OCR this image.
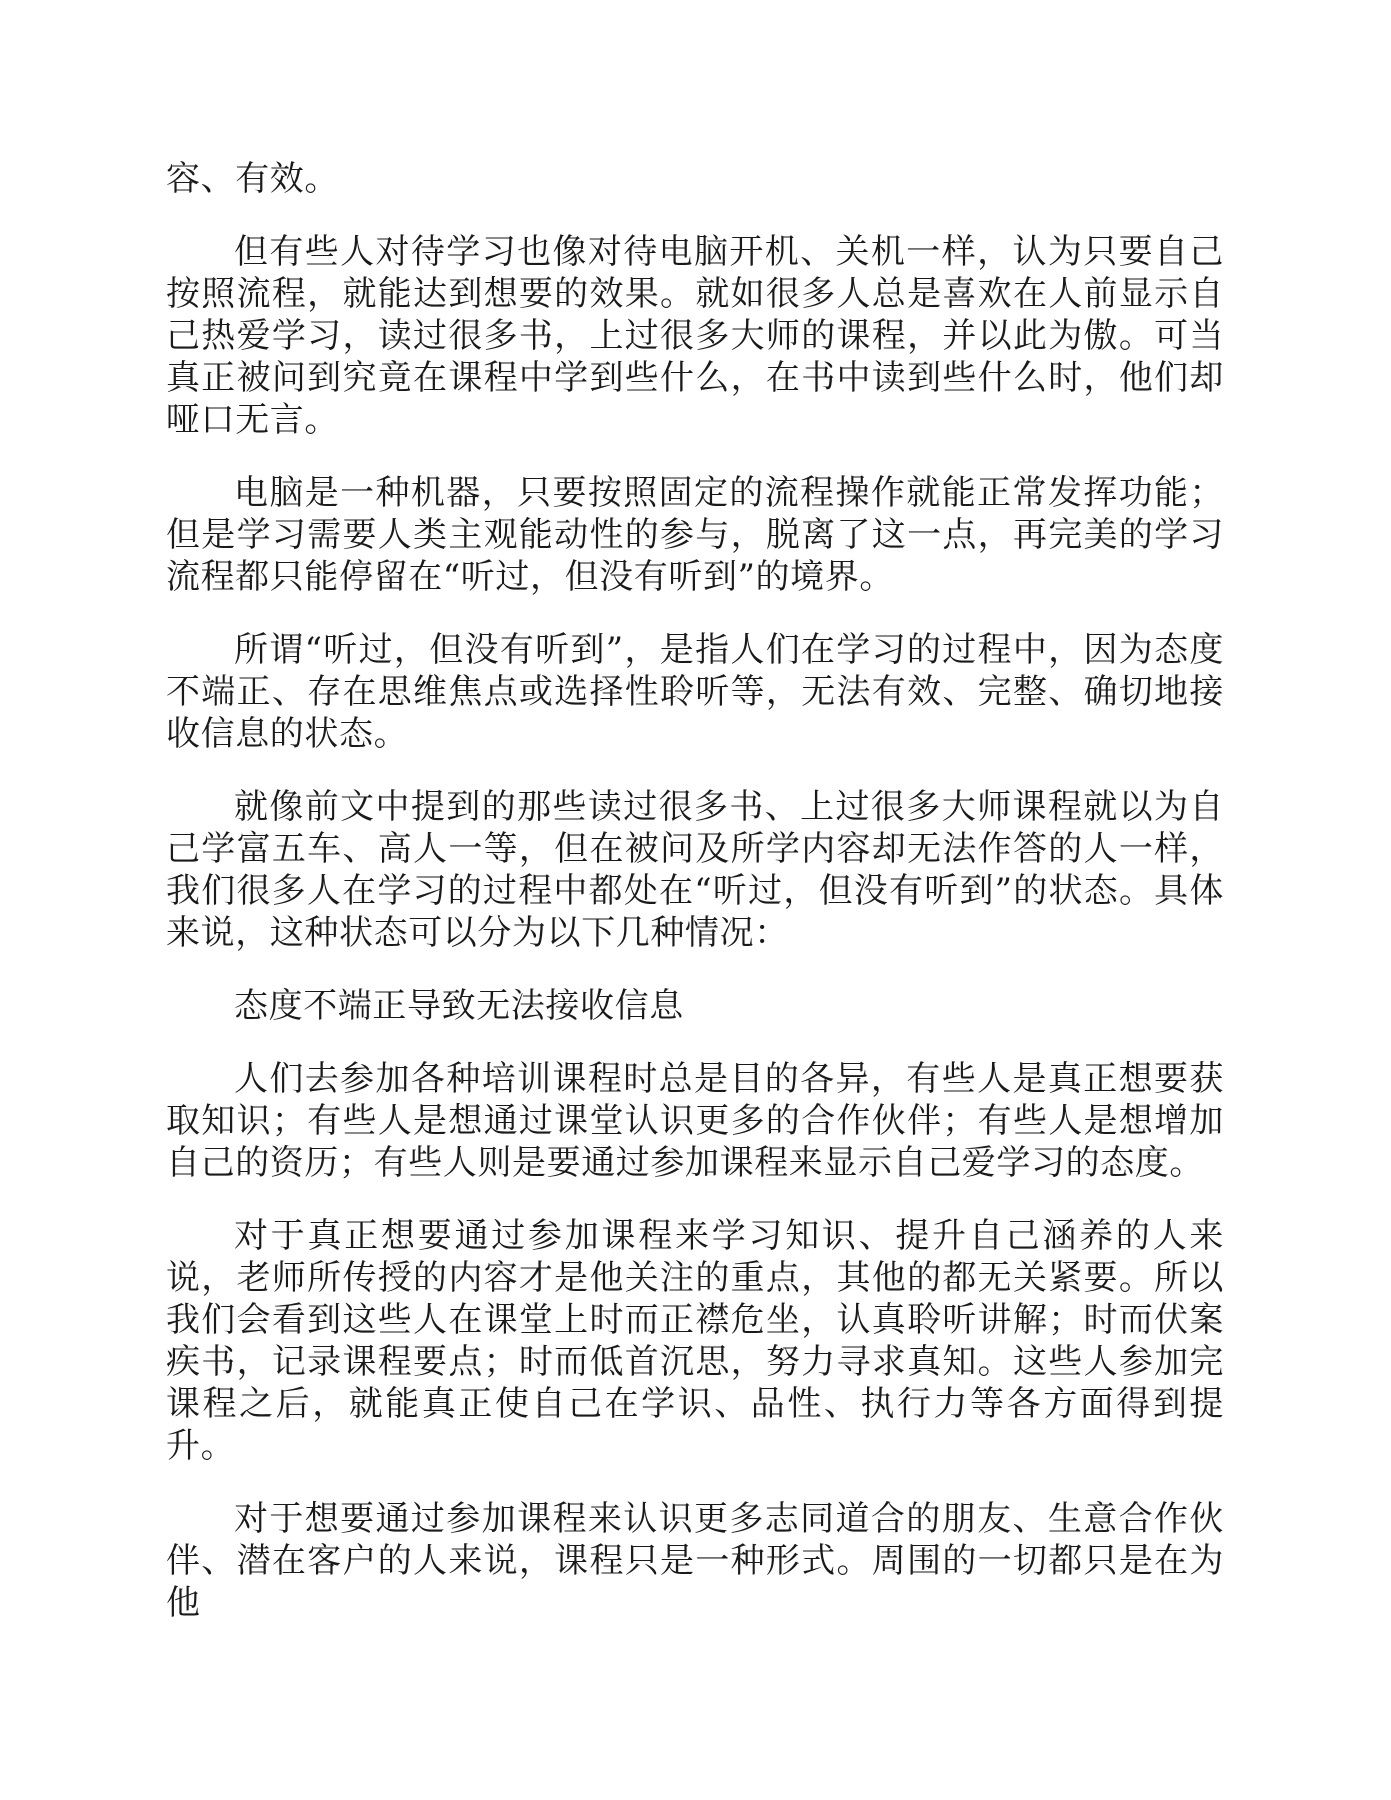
容、有效。

但有些人对待学习也像对待电脑开机、关机一样，认为只要自己按照流程，就能达到想要的效果。就如很多人总是喜欢在人前显示自己热爱学习，读过很多书，上过很多大师的课程，并以此为傲。可当真正被问到究竟在课程中学到些什么，在书中读到些什么时，他们却哑口无言。

电脑是一种机器，只要按照固定的流程操作就能正常发挥功能；但是学习需要人类主观能动性的参与，脱离了这一点，再完美的学习流程都只能停留在“听过，但没有听到”的境界。

所谓“听过，但没有听到”，是指人们在学习的过程中，因为态度不端正、存在思维焦点或选择性聆听等，无法有效、完整、确切地接收信息的状态。

就像前文中提到的那些读过很多书、上过很多大师课程就以为自己学富五车、高人一等，但在被问及所学内容却无法作答的人一样，我们很多人在学习的过程中都处在“听过，但没有听到”的状态。具体来说，这种状态可以分为以下几种情况：

态度不端正导致无法接收信息

人们去参加各种培训课程时总是目的各异，有些人是真正想要获取知识；有些人是想通过课堂认识更多的合作伙伴；有些人是想增加自己的资历；有些人则是要通过参加课程来显示自己爱学习的态度。

对于真正想要通过参加课程来学习知识、提升自己涵养的人来说，老师所传授的内容才是他关注的重点，其他的都无关紧要。所以我们会看到这些人在课堂上时而正襟危坐，认真聆听讲解；时而伏案疾书，记录课程要点；时而低首沉思，努力寻求真知。这些人参加完课程之后，就能真正使自己在学识、品性、执行力等各方面得到提升。

对于想要通过参加课程来认识更多志同道合的朋友、生意合作伙伴、潜在客户的人来说，课程只是一种形式。周围的一切都只是在为他
